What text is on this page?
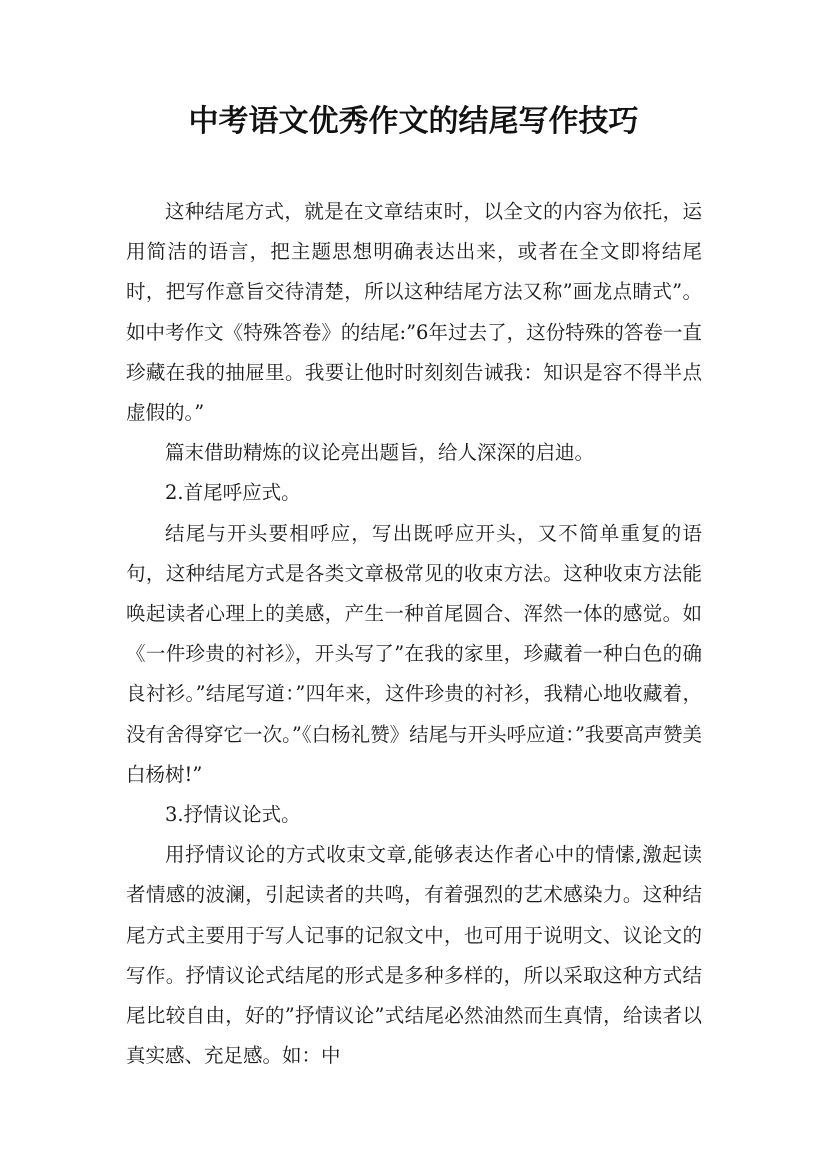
中考语文优秀作文的结尾写作技巧

这种结尾方式，就是在文章结束时，以全文的内容为依托，运用简洁的语言，把主题思想明确表达出来，或者在全文即将结尾时，把写作意旨交待清楚，所以这种结尾方法又称”画龙点睛式”。如中考作文《特殊答卷》的结尾:”6年过去了，这份特殊的答卷一直珍藏在我的抽屉里。我要让他时时刻刻告诫我：知识是容不得半点虚假的。”

篇末借助精炼的议论亮出题旨，给人深深的启迪。

2.首尾呼应式。

结尾与开头要相呼应，写出既呼应开头，又不简单重复的语句，这种结尾方式是各类文章极常见的收束方法。这种收束方法能唤起读者心理上的美感，产生一种首尾圆合、浑然一体的感觉。如《一件珍贵的衬衫》，开头写了”在我的家里，珍藏着一种白色的确良衬衫。”结尾写道：”四年来，这件珍贵的衬衫，我精心地收藏着，没有舍得穿它一次。”《白杨礼赞》结尾与开头呼应道：”我要高声赞美白杨树!”

3.抒情议论式。

用抒情议论的方式收束文章,能够表达作者心中的情愫,激起读者情感的波澜，引起读者的共鸣，有着强烈的艺术感染力。这种结尾方式主要用于写人记事的记叙文中，也可用于说明文、议论文的写作。抒情议论式结尾的形式是多种多样的，所以采取这种方式结尾比较自由，好的”抒情议论”式结尾必然油然而生真情，给读者以真实感、充足感。如：中
